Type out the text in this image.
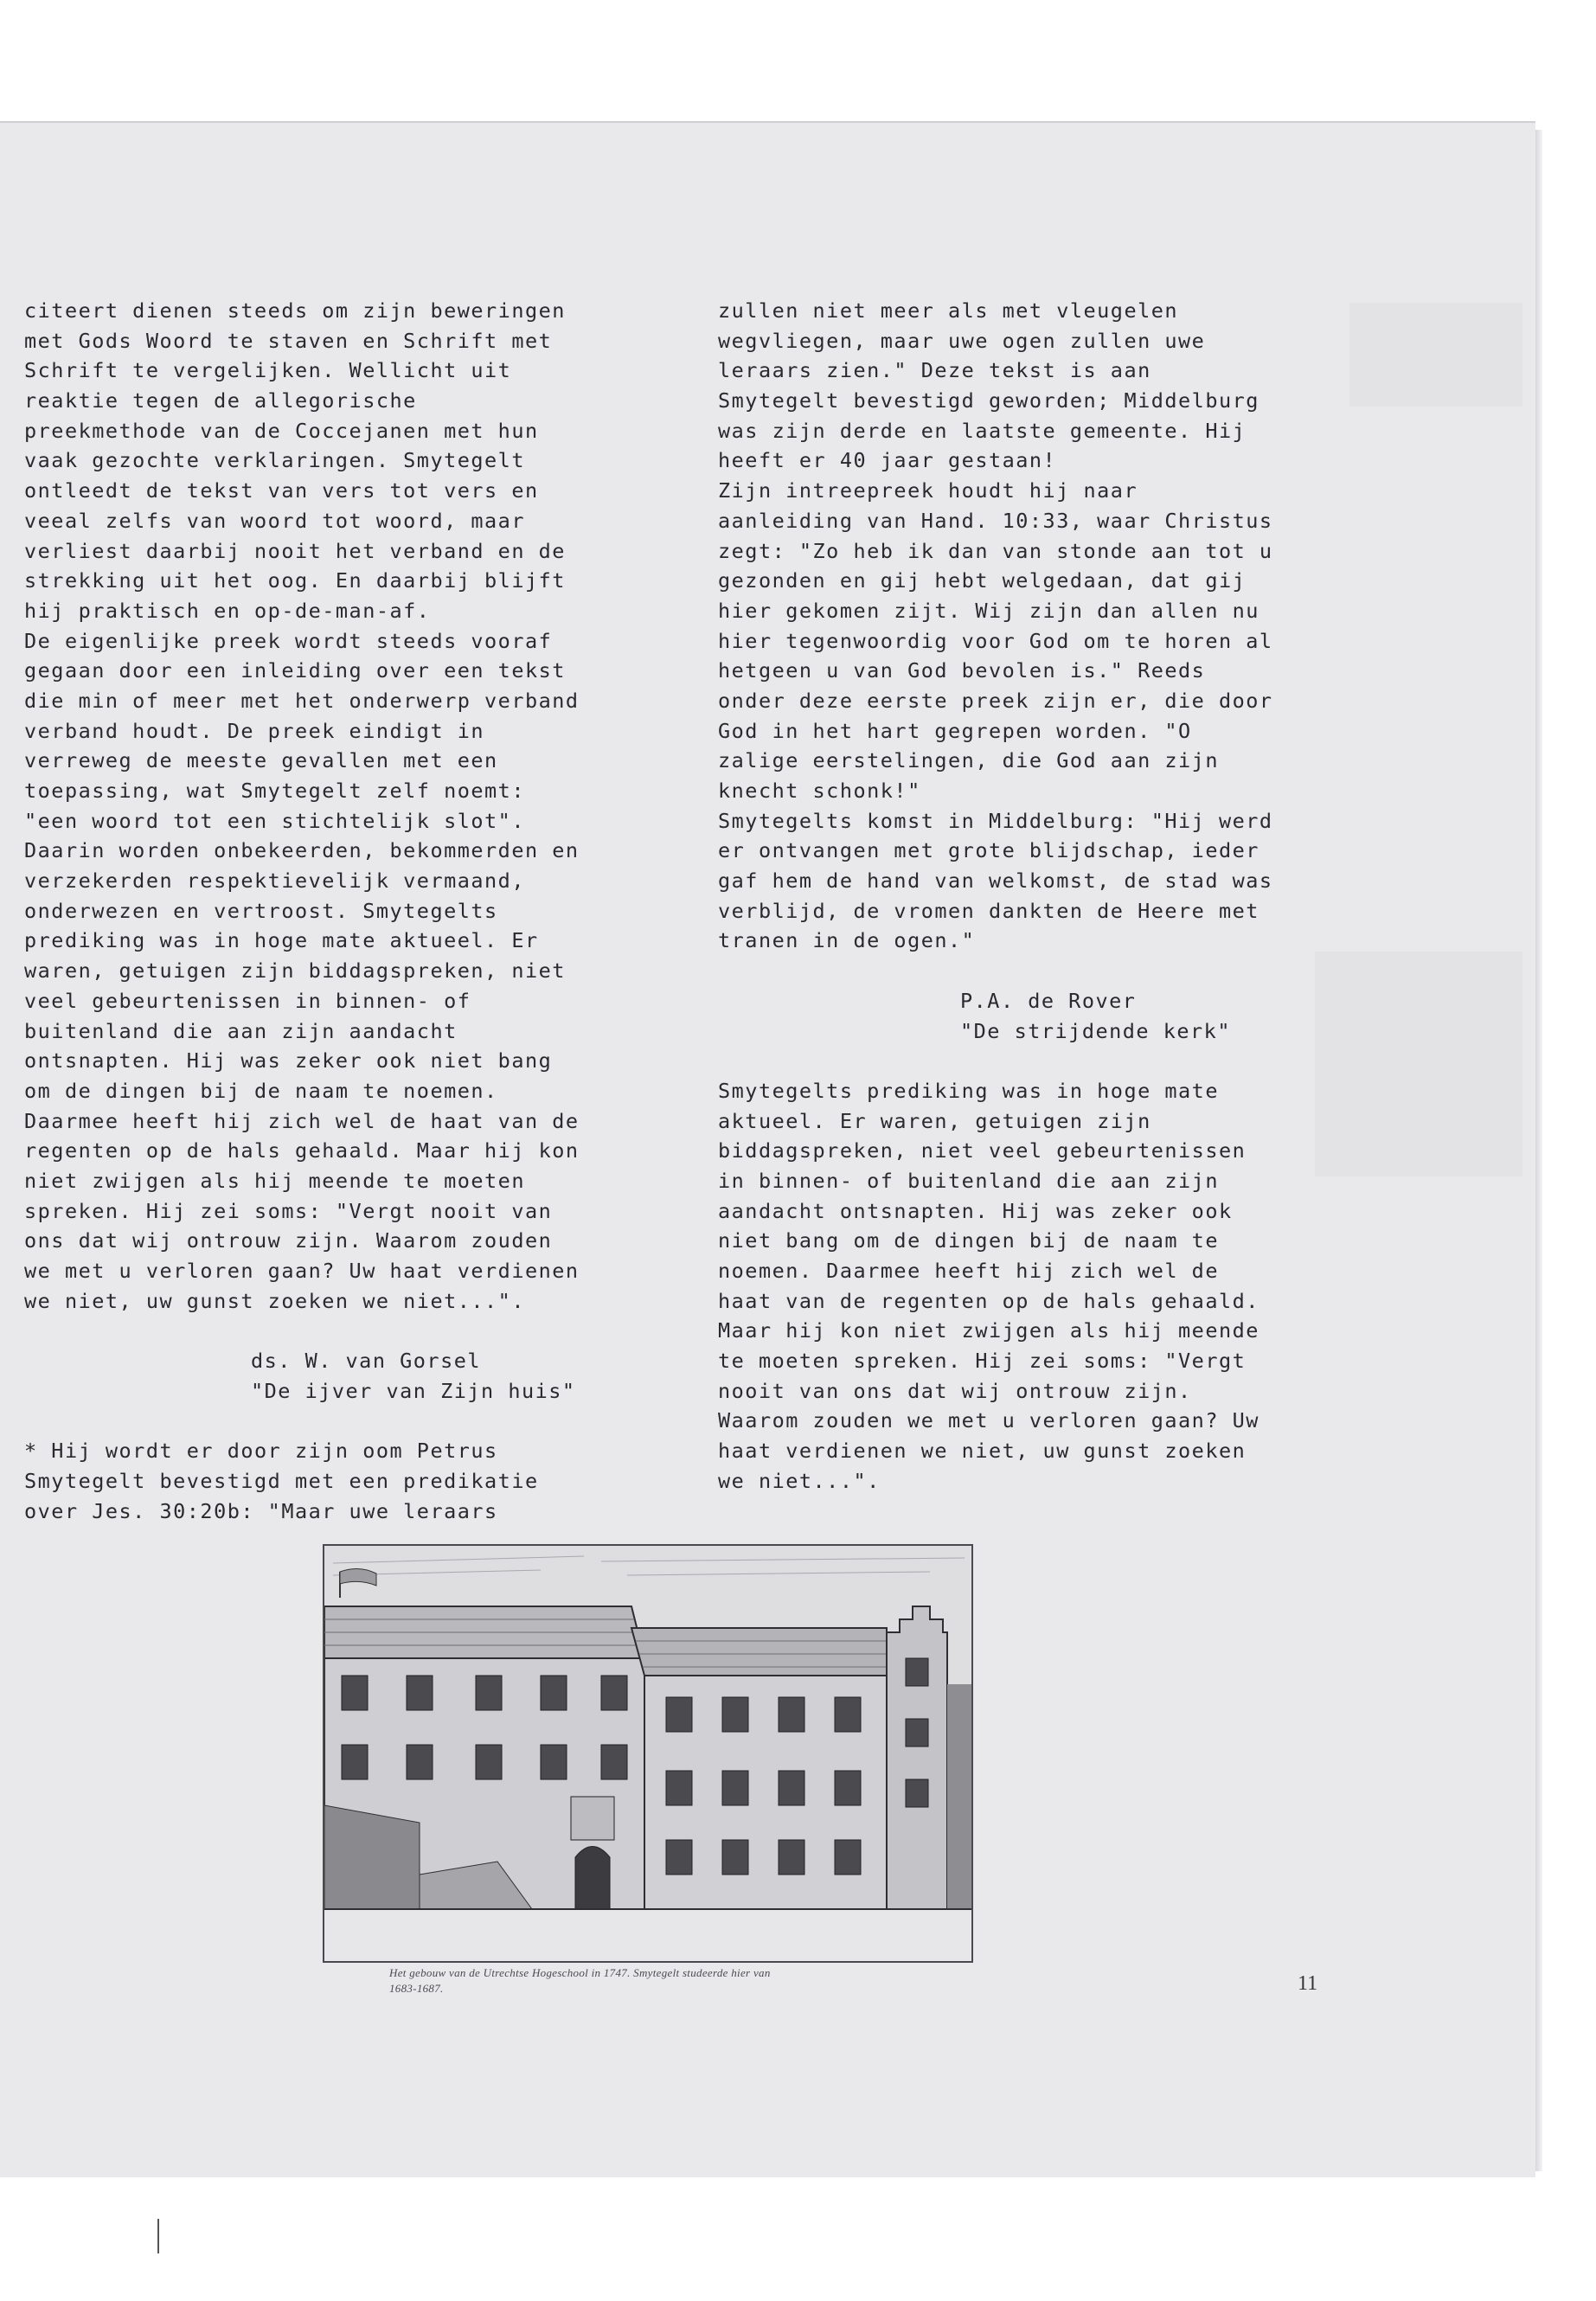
citeert dienen steeds om zijn beweringen
met Gods Woord te staven en Schrift met
Schrift te vergelijken. Wellicht uit
reaktie tegen de allegorische
preekmethode van de Coccejanen met hun
vaak gezochte verklaringen. Smytegelt
ontleedt de tekst van vers tot vers en
veeal zelfs van woord tot woord, maar
verliest daarbij nooit het verband en de
strekking uit het oog. En daarbij blijft
hij praktisch en op-de-man-af.
De eigenlijke preek wordt steeds vooraf
gegaan door een inleiding over een tekst
die min of meer met het onderwerp verband
verband houdt. De preek eindigt in
verreweg de meeste gevallen met een
toepassing, wat Smytegelt zelf noemt:
"een woord tot een stichtelijk slot".
Daarin worden onbekeerden, bekommerden en
verzekerden respektievelijk vermaand,
onderwezen en vertroost. Smytegelts
prediking was in hoge mate aktueel. Er
waren, getuigen zijn biddagspreken, niet
veel gebeurtenissen in binnen- of
buitenland die aan zijn aandacht
ontsnapten. Hij was zeker ook niet bang
om de dingen bij de naam te noemen.
Daarmee heeft hij zich wel de haat van de
regenten op de hals gehaald. Maar hij kon
niet zwijgen als hij meende te moeten
spreken. Hij zei soms: "Vergt nooit van
ons dat wij ontrouw zijn. Waarom zouden
we met u verloren gaan? Uw haat verdienen
we niet, uw gunst zoeken we niet...".
ds. W. van Gorsel
"De ijver van Zijn huis"
* Hij wordt er door zijn oom Petrus
Smytegelt bevestigd met een predikatie
over Jes. 30:20b: "Maar uwe leraars
zullen niet meer als met vleugelen
wegvliegen, maar uwe ogen zullen uwe
leraars zien." Deze tekst is aan
Smytegelt bevestigd geworden; Middelburg
was zijn derde en laatste gemeente. Hij
heeft er 40 jaar gestaan!
Zijn intreepreek houdt hij naar
aanleiding van Hand. 10:33, waar Christus
zegt: "Zo heb ik dan van stonde aan tot u
gezonden en gij hebt welgedaan, dat gij
hier gekomen zijt. Wij zijn dan allen nu
hier tegenwoordig voor God om te horen al
hetgeen u van God bevolen is." Reeds
onder deze eerste preek zijn er, die door
God in het hart gegrepen worden. "O
zalige eerstelingen, die God aan zijn
knecht schonk!"
Smytegelts komst in Middelburg: "Hij werd
er ontvangen met grote blijdschap, ieder
gaf hem de hand van welkomst, de stad was
verblijd, de vromen dankten de Heere met
tranen in de ogen."
P.A. de Rover
"De strijdende kerk"
Smytegelts prediking was in hoge mate
aktueel. Er waren, getuigen zijn
biddagspreken, niet veel gebeurtenissen
in binnen- of buitenland die aan zijn
aandacht ontsnapten. Hij was zeker ook
niet bang om de dingen bij de naam te
noemen. Daarmee heeft hij zich wel de
haat van de regenten op de hals gehaald.
Maar hij kon niet zwijgen als hij meende
te moeten spreken. Hij zei soms: "Vergt
nooit van ons dat wij ontrouw zijn.
Waarom zouden we met u verloren gaan? Uw
haat verdienen we niet, uw gunst zoeken
we niet...".
Het gebouw van de Utrechtse Hogeschool in 1747. Smytegelt studeerde hier van
1683-1687.	11
